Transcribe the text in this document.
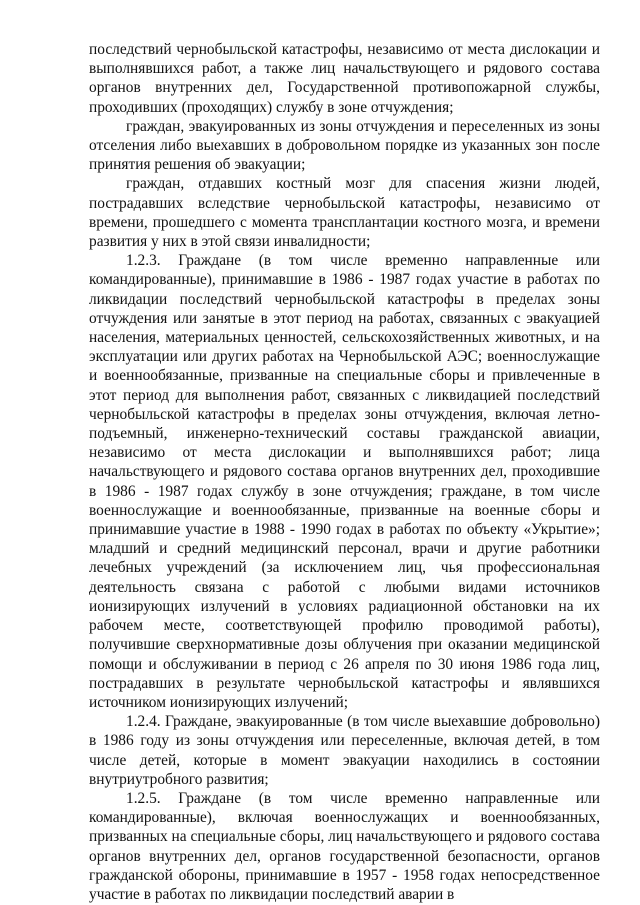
последствий чернобыльской катастрофы, независимо от места дислокации и выполнявшихся работ, а также лиц начальствующего и рядового состава органов внутренних дел, Государственной противопожарной службы, проходивших (проходящих) службу в зоне отчуждения;

граждан, эвакуированных из зоны отчуждения и переселенных из зоны отселения либо выехавших в добровольном порядке из указанных зон после принятия решения об эвакуации;

граждан, отдавших костный мозг для спасения жизни людей, пострадавших вследствие чернобыльской катастрофы, независимо от времени, прошедшего с момента трансплантации костного мозга, и времени развития у них в этой связи инвалидности;

1.2.3. Граждане (в том числе временно направленные или командированные), принимавшие в 1986 - 1987 годах участие в работах по ликвидации последствий чернобыльской катастрофы в пределах зоны отчуждения или занятые в этот период на работах, связанных с эвакуацией населения, материальных ценностей, сельскохозяйственных животных, и на эксплуатации или других работах на Чернобыльской АЭС; военнослужащие и военнообязанные, призванные на специальные сборы и привлеченные в этот период для выполнения работ, связанных с ликвидацией последствий чернобыльской катастрофы в пределах зоны отчуждения, включая летно-подъемный, инженерно-технический составы гражданской авиации, независимо от места дислокации и выполнявшихся работ; лица начальствующего и рядового состава органов внутренних дел, проходившие в 1986 - 1987 годах службу в зоне отчуждения; граждане, в том числе военнослужащие и военнообязанные, призванные на военные сборы и принимавшие участие в 1988 - 1990 годах в работах по объекту «Укрытие»; младший и средний медицинский персонал, врачи и другие работники лечебных учреждений (за исключением лиц, чья профессиональная деятельность связана с работой с любыми видами источников ионизирующих излучений в условиях радиационной обстановки на их рабочем месте, соответствующей профилю проводимой работы), получившие сверхнормативные дозы облучения при оказании медицинской помощи и обслуживании в период с 26 апреля по 30 июня 1986 года лиц, пострадавших в результате чернобыльской катастрофы и являвшихся источником ионизирующих излучений;

1.2.4. Граждане, эвакуированные (в том числе выехавшие добровольно) в 1986 году из зоны отчуждения или переселенные, включая детей, в том числе детей, которые в момент эвакуации находились в состоянии внутриутробного развития;

1.2.5. Граждане (в том числе временно направленные или командированные), включая военнослужащих и военнообязанных, призванных на специальные сборы, лиц начальствующего и рядового состава органов внутренних дел, органов государственной безопасности, органов гражданской обороны, принимавшие в 1957 - 1958 годах непосредственное участие в работах по ликвидации последствий аварии в
